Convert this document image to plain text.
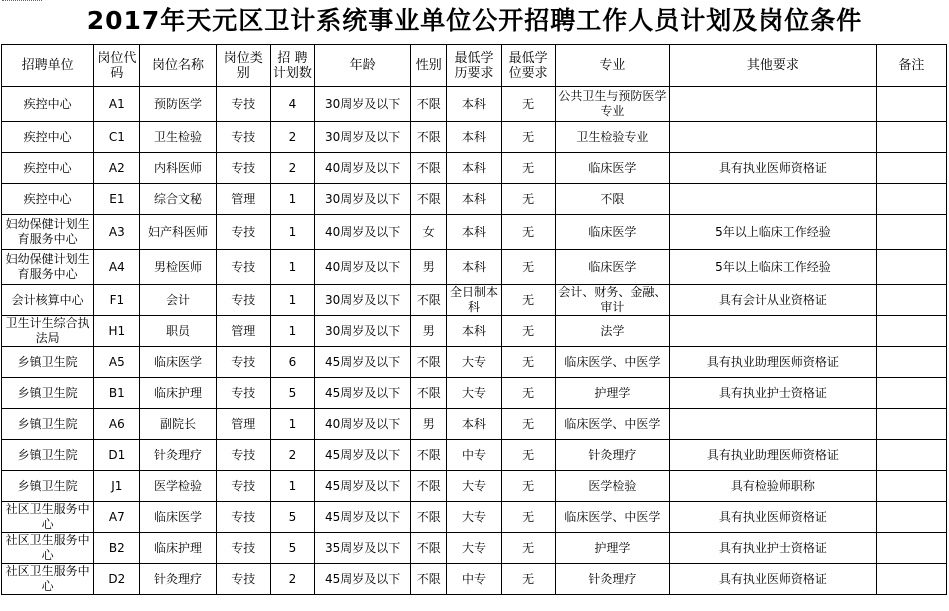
2017年天元区卫计系统事业单位公开招聘工作人员计划及岗位条件
招聘单位	岗位代码	岗位名称	岗位类别	招 聘计划数	年龄	性别	最低学历要求	最低学位要求	专业	其他要求	备注
疾控中心	A1	预防医学	专技	4	30周岁及以下	不限	本科	无	公共卫生与预防医学专业		
疾控中心	C1	卫生检验	专技	2	30周岁及以下	不限	本科	无	卫生检验专业		
疾控中心	A2	内科医师	专技	2	40周岁及以下	不限	本科	无	临床医学	具有执业医师资格证	
疾控中心	E1	综合文秘	管理	1	30周岁及以下	不限	本科	无	不限		
妇幼保健计划生育服务中心	A3	妇产科医师	专技	1	40周岁及以下	女	本科	无	临床医学	5年以上临床工作经验	
妇幼保健计划生育服务中心	A4	男检医师	专技	1	40周岁及以下	男	本科	无	临床医学	5年以上临床工作经验	
会计核算中心	F1	会计	专技	1	30周岁及以下	不限	全日制本科	无	会计、财务、金融、审计	具有会计从业资格证	
卫生计生综合执法局	H1	职员	管理	1	30周岁及以下	男	本科	无	法学		
乡镇卫生院	A5	临床医学	专技	6	45周岁及以下	不限	大专	无	临床医学、中医学	具有执业助理医师资格证	
乡镇卫生院	B1	临床护理	专技	5	45周岁及以下	不限	大专	无	护理学	具有执业护士资格证	
乡镇卫生院	A6	副院长	管理	1	40周岁及以下	男	本科	无	临床医学、中医学		
乡镇卫生院	D1	针灸理疗	专技	2	45周岁及以下	不限	中专	无	针灸理疗	具有执业助理医师资格证	
乡镇卫生院	J1	医学检验	专技	1	45周岁及以下	不限	大专	无	医学检验	具有检验师职称	
社区卫生服务中心	A7	临床医学	专技	5	45周岁及以下	不限	大专	无	临床医学、中医学	具有执业医师资格证	
社区卫生服务中心	B2	临床护理	专技	5	35周岁及以下	不限	大专	无	护理学	具有执业护士资格证	
社区卫生服务中心	D2	针灸理疗	专技	2	45周岁及以下	不限	中专	无	针灸理疗	具有执业医师资格证	
